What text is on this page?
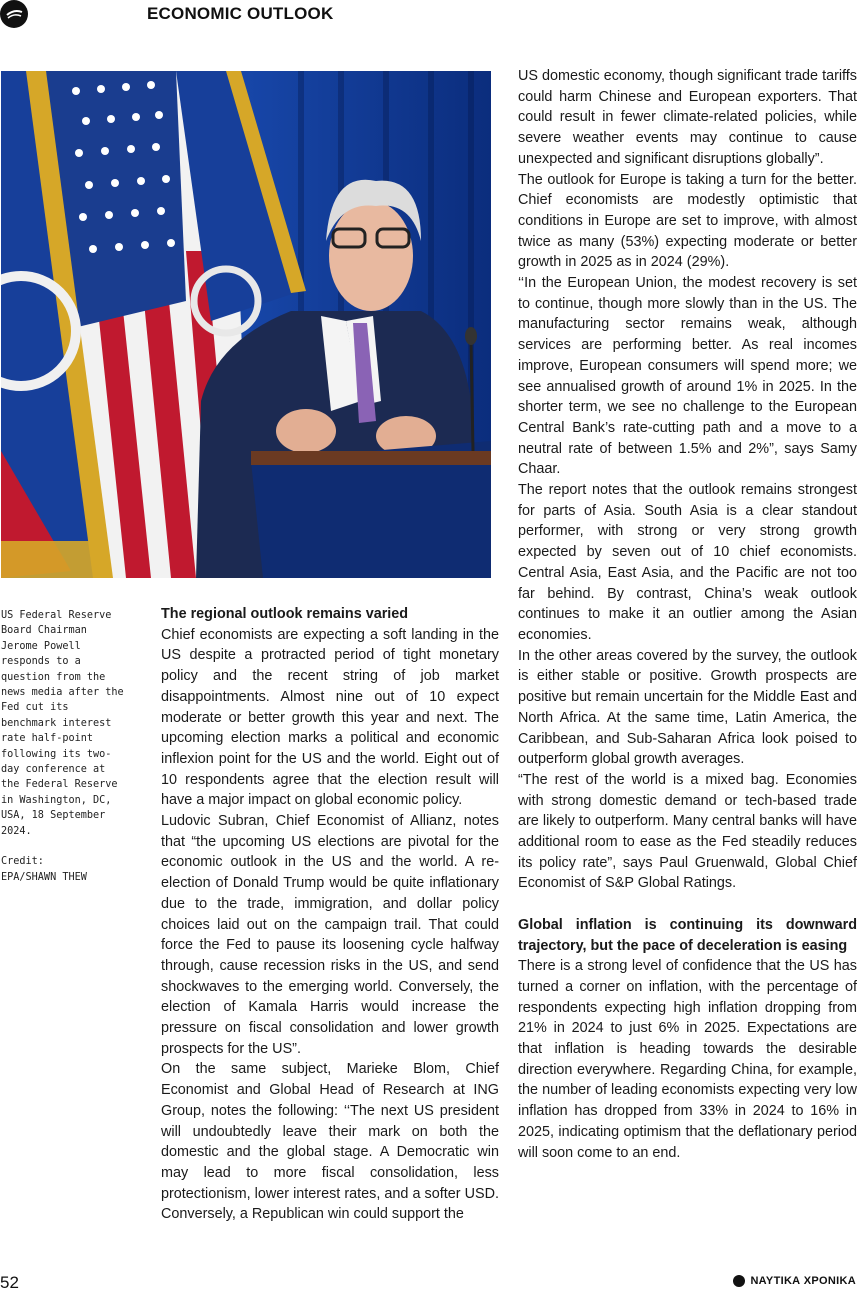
ECONOMIC OUTLOOK

US Federal Reserve Board Chairman Jerome Powell responds to a question from the news media after the Fed cut its benchmark interest rate half-point following its two-day conference at the Federal Reserve in Washington, DC, USA, 18 September 2024.

Credit:

EPA/SHAWN THEW

The regional outlook remains varied

Chief economists are expecting a soft landing in the US despite a protracted period of tight monetary policy and the recent string of job market disappointments. Almost nine out of 10 expect moderate or better growth this year and next. The upcoming election marks a political and economic inflexion point for the US and the world. Eight out of 10 respondents agree that the election result will have a major impact on global economic policy.

Ludovic Subran, Chief Economist of Allianz, notes that “the upcoming US elections are pivotal for the economic outlook in the US and the world. A re-election of Donald Trump would be quite inflationary due to the trade, immigration, and dollar policy choices laid out on the campaign trail. That could force the Fed to pause its loosening cycle halfway through, cause recession risks in the US, and send shockwaves to the emerging world. Conversely, the election of Kamala Harris would increase the pressure on fiscal consolidation and lower growth prospects for the US”.

On the same subject, Marieke Blom, Chief Economist and Global Head of Research at ING Group, notes the following: ‘‘The next US president will undoubtedly leave their mark on both the domestic and the global stage. A Democratic win may lead to more fiscal consolidation, less protectionism, lower interest rates, and a softer USD. Conversely, a Republican win could support the

US domestic economy, though significant trade tariffs could harm Chinese and European exporters. That could result in fewer climate-related policies, while severe weather events may continue to cause unexpected and significant disruptions globally”.

The outlook for Europe is taking a turn for the better. Chief economists are modestly optimistic that conditions in Europe are set to improve, with almost twice as many (53%) expecting moderate or better growth in 2025 as in 2024 (29%).

‘‘In the European Union, the modest recovery is set to continue, though more slowly than in the US. The manufacturing sector remains weak, although services are performing better. As real incomes improve, European consumers will spend more; we see annualised growth of around 1% in 2025. In the shorter term, we see no challenge to the European Central Bank’s rate-cutting path and a move to a neutral rate of between 1.5% and 2%”, says Samy Chaar.

The report notes that the outlook remains strongest for parts of Asia. South Asia is a clear standout performer, with strong or very strong growth expected by seven out of 10 chief economists. Central Asia, East Asia, and the Pacific are not too far behind. By contrast, China’s weak outlook continues to make it an outlier among the Asian economies.

In the other areas covered by the survey, the outlook is either stable or positive. Growth prospects are positive but remain uncertain for the Middle East and North Africa. At the same time, Latin America, the Caribbean, and Sub-Saharan Africa look poised to outperform global growth averages.

“The rest of the world is a mixed bag. Economies with strong domestic demand or tech-based trade are likely to outperform. Many central banks will have additional room to ease as the Fed steadily reduces its policy rate”, says Paul Gruenwald, Global Chief Economist of S&P Global Ratings.

Global inflation is continuing its downward trajectory, but the pace of deceleration is easing

There is a strong level of confidence that the US has turned a corner on inflation, with the percentage of respondents expecting high inflation dropping from 21% in 2024 to just 6% in 2025. Expectations are that inflation is heading towards the desirable direction everywhere. Regarding China, for example, the number of leading economists expecting very low inflation has dropped from 33% in 2024 to 16% in 2025, indicating optimism that the deflationary period will soon come to an end.

52	ΝΑΥΤΙΚΑ ΧΡΟΝΙΚΑ
